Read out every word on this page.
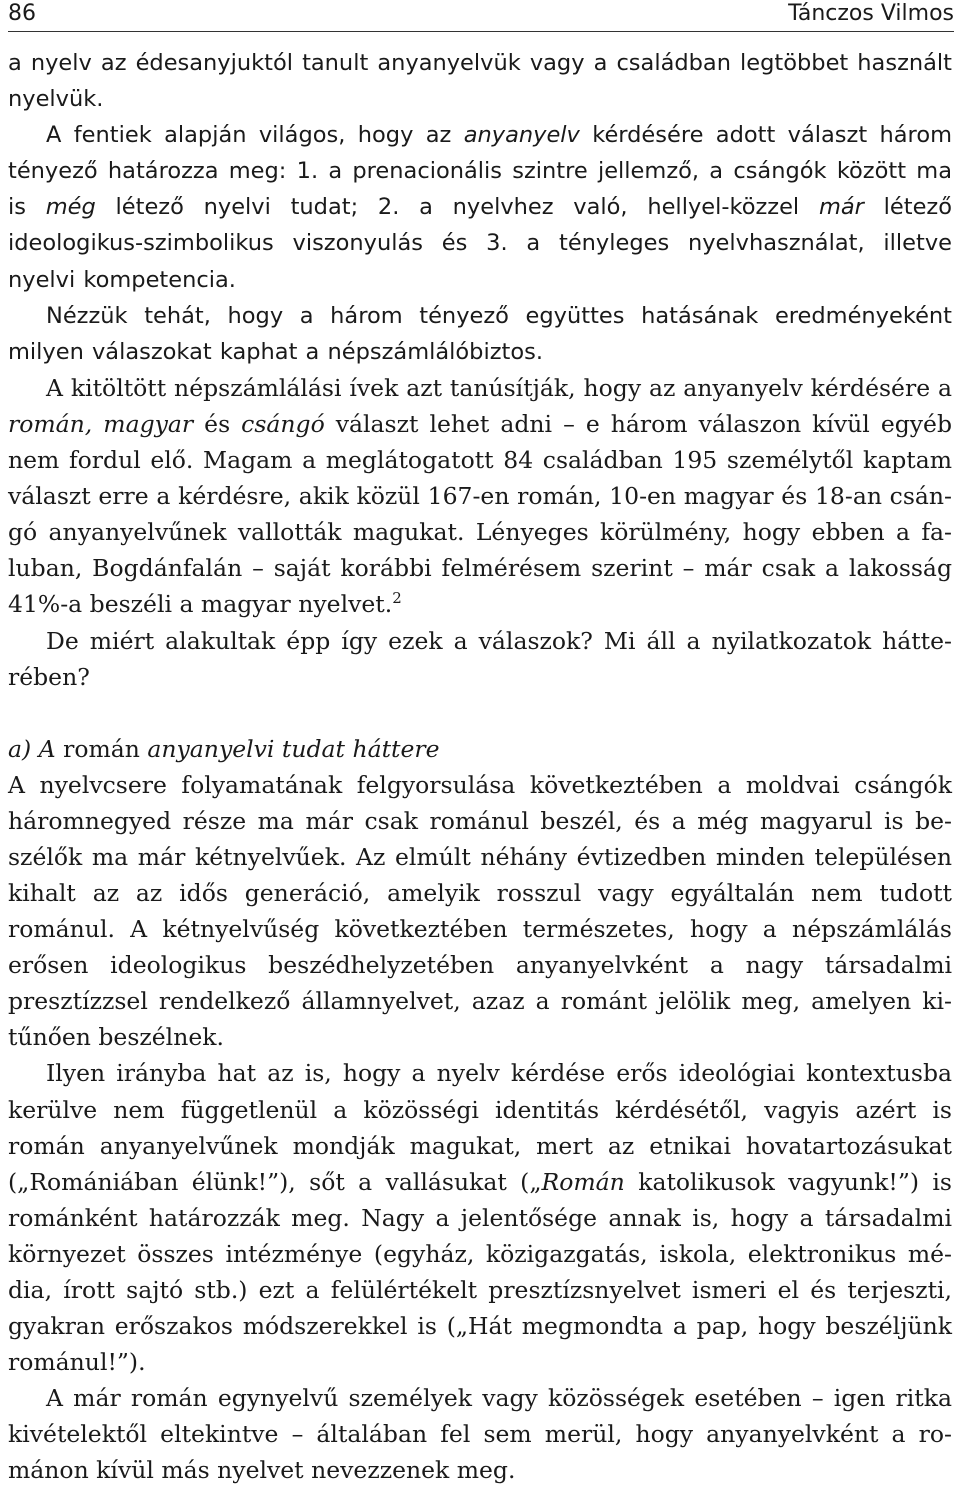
86	Tánczos Vilmos

a nyelv az édesanyjuktól tanult anyanyelvük vagy a családban legtöbbet használt nyelvük.

A fentiek alapján világos, hogy az anyanyelv kérdésére adott választ három tényező határozza meg: 1. a prenacionális szintre jellemző, a csángók között ma is még létező nyelvi tudat; 2. a nyelvhez való, hellyel-közzel már létező ideologikus-szimbolikus viszonyulás és 3. a tényleges nyelvhasználat, illetve nyelvi kompetencia.

Nézzük tehát, hogy a három tényező együttes hatásának eredményeként milyen válaszokat kaphat a népszámlálóbiztos.

A kitöltött népszámlálási ívek azt tanúsítják, hogy az anyanyelv kérdésére a román, magyar és csángó választ lehet adni – e három válaszon kívül egyéb nem fordul elő. Magam a meglátogatott 84 családban 195 személytől kaptam választ erre a kérdésre, akik közül 167-en román, 10-en magyar és 18-an csángó anyanyelvűnek vallották magukat. Lényeges körülmény, hogy ebben a faluban, Bogdánfalán – saját korábbi felmérésem szerint – már csak a lakosság 41%-a beszéli a magyar nyelvet.$^2$

De miért alakultak épp így ezek a válaszok? Mi áll a nyilatkozatok hátterében?

a) A román anyanyelvi tudat háttere

A nyelvcsere folyamatának felgyorsulása következtében a moldvai csángók háromnegyed része ma már csak románul beszél, és a még magyarul is beszélők ma már kétnyelvűek. Az elmúlt néhány évtizedben minden településen kihalt az az idős generáció, amelyik rosszul vagy egyáltalán nem tudott románul. A kétnyelvűség következtében természetes, hogy a népszámlálás erősen ideologikus beszédhelyzetében anyanyelvként a nagy társadalmi presztízzsel rendelkező államnyelvet, azaz a románt jelölik meg, amelyen kitűnően beszélnek.

Ilyen irányba hat az is, hogy a nyelv kérdése erős ideológiai kontextusba kerülve nem függetlenül a közösségi identitás kérdésétől, vagyis azért is román anyanyelvűnek mondják magukat, mert az etnikai hovatartozásukat („Romániában élünk!”), sőt a vallásukat („Román katolikusok vagyunk!”) is románként határozzák meg. Nagy a jelentősége annak is, hogy a társadalmi környezet összes intézménye (egyház, közigazgatás, iskola, elektronikus média, írott sajtó stb.) ezt a felülértékelt presztízsnyelvet ismeri el és terjeszti, gyakran erőszakos módszerekkel is („Hát megmondta a pap, hogy beszéljünk románul!”).

A már román egynyelvű személyek vagy közösségek esetében – igen ritka kivételektől eltekintve – általában fel sem merül, hogy anyanyelvként a románon kívül más nyelvet nevezzenek meg.
